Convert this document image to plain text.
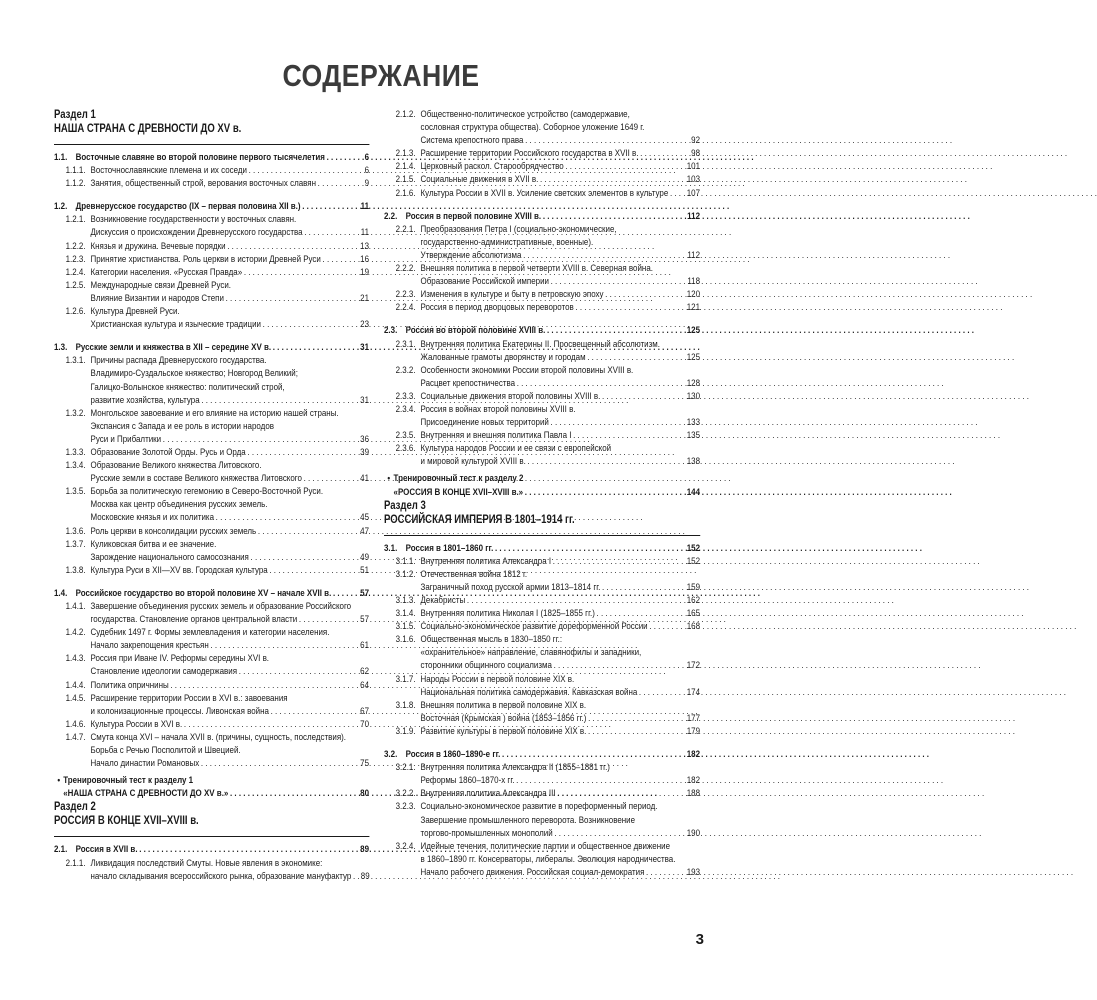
СОДЕРЖАНИЕ
Раздел 1
НАША СТРАНА С ДРЕВНОСТИ ДО XV в.
1.1. Восточные славяне во второй половине первого тысячелетия . . .	6
1.1.1. Восточнославянские племена и их соседи . . .	6
1.1.2. Занятия, общественный строй, верования восточных славян . . .	9
1.2. Древнерусское государство (IX – первая половина XII в.) . . .	11
1.2.1. Возникновение государственности у восточных славян.
Дискуссия о происхождении Древнерусского государства . . .	11
1.2.2. Князья и дружина. Вечевые порядки . . .	13
1.2.3. Принятие христианства. Роль церкви в истории Древней Руси . . .	16
1.2.4. Категории населения. «Русская Правда» . . .	19
1.2.5. Международные связи Древней Руси.
Влияние Византии и народов Степи . . .	21
1.2.6. Культура Древней Руси.
Христианская культура и языческие традиции . . .	23
1.3. Русские земли и княжества в XII – середине XV в. . . .	31
1.3.1. Причины распада Древнерусского государства.
Владимиро-Суздальское княжество; Новгород Великий;
Галицко-Волынское княжество: политический строй,
развитие хозяйства, культура . . .	31
1.3.2. Монгольское завоевание и его влияние на историю нашей страны.
Экспансия с Запада и ее роль в истории народов
Руси и Прибалтики . . .	36
1.3.3. Образование Золотой Орды. Русь и Орда . . .	39
1.3.4. Образование Великого княжества Литовского.
Русские земли в составе Великого княжества Литовского . . .	41
1.3.5. Борьба за политическую гегемонию в Северо-Восточной Руси.
Москва как центр объединения русских земель.
Московские князья и их политика . . .	45
1.3.6. Роль церкви в консолидации русских земель . . .	47
1.3.7. Куликовская битва и ее значение.
Зарождение национального самосознания . . .	49
1.3.8. Культура Руси в XII—XV вв. Городская культура . . .	51
1.4. Российское государство во второй половине XV – начале XVII в. . . .	57
1.4.1. Завершение объединения русских земель и образование Российского
государства. Становление органов центральной власти . . .	57
1.4.2. Судебник 1497 г. Формы землевладения и категории населения.
Начало закрепощения крестьян . . .	61
1.4.3. Россия при Иване IV. Реформы середины XVI в.
Становление идеологии самодержавия . . .	62
1.4.4. Политика опричнины . . .	64
1.4.5. Расширение территории России в XVI в.: завоевания
и колонизационные процессы. Ливонская война . . .	67
1.4.6. Культура России в XVI в. . . .	70
1.4.7. Смута конца XVI – начала XVII в. (причины, сущность, последствия).
Борьба с Речью Посполитой и Швецией.
Начало династии Романовых . . .	75
• Тренировочный тест к разделу 1
«НАША СТРАНА С ДРЕВНОСТИ ДО XV в.» . . .	80
Раздел 2
РОССИЯ В КОНЦЕ XVII–XVIII в.
2.1. Россия в XVII в. . . .	89
2.1.1. Ликвидация последствий Смуты. Новые явления в экономике:
начало складывания всероссийского рынка, образование мануфактур . . . 89
2.1.2. Общественно-политическое устройство (самодержавие,
сословная структура общества). Соборное уложение 1649 г.
Система крепостного права . . .	92
2.1.3. Расширение территории Российского государства в XVII в. . . .	98
2.1.4. Церковный раскол. Старообрядчество . . .	101
2.1.5. Социальные движения в XVII в. . . .	103
2.1.6. Культура России в XVII в. Усиление светских элементов в культуре . . . 107
2.2. Россия в первой половине XVIII в. . . .	112
2.2.1. Преобразования Петра I (социально-экономические,
государственно-административные, военные).
Утверждение абсолютизма . . .	112
2.2.2. Внешняя политика в первой четверти XVIII в. Северная война.
Образование Российской империи . . .	118
2.2.3. Изменения в культуре и быту в петровскую эпоху . . .	120
2.2.4. Россия в период дворцовых переворотов . . .	121
2.3. Россия во второй половине XVIII в. . . .	125
2.3.1. Внутренняя политика Екатерины II. Просвещенный абсолютизм.
Жалованные грамоты дворянству и городам . . .	125
2.3.2. Особенности экономики России второй половины XVIII в.
Расцвет крепостничества . . .	128
2.3.3. Социальные движения второй половины XVIII в. . . .	130
2.3.4. Россия в войнах второй половины XVIII в.
Присоединение новых территорий . . .	133
2.3.5. Внутренняя и внешняя политика Павла I . . .	135
2.3.6. Культура народов России и ее связи с европейской
и мировой культурой XVIII в. . . .	138
• Тренировочный тест к разделу 2
«РОССИЯ В КОНЦЕ XVII–XVIII в.» . . .	144
Раздел 3
РОССИЙСКАЯ ИМПЕРИЯ В 1801–1914 гг.
3.1. Россия в 1801–1860 гг. . . .	152
3.1.1. Внутренняя политика Александра I . . .	152
3.1.2. Отечественная война 1812 г.
Заграничный поход русской армии 1813–1814 гг. . . .	159
3.1.3. Декабристы . . .	162
3.1.4. Внутренняя политика Николая I (1825–1855 гг.) . . .	165
3.1.5. Социально-экономическое развитие дореформенной России . . .	168
3.1.6. Общественная мысль в 1830–1850 гг.:
«охранительное» направление, славянофилы и западники,
сторонники общинного социализма . . .	172
3.1.7. Народы России в первой половине XIX в.
Национальная политика самодержавия. Кавказская война . . .	174
3.1.8. Внешняя политика в первой половине XIX в.
Восточная (Крымская ) война (1853–1856 гг.) . . .	177
3.1.9. Развитие культуры в первой половине XIX в. . . .	179
3.2. Россия в 1860–1890-е гг. . . .	182
3.2.1. Внутренняя политика Александра II (1855–1881 гг.)
Реформы 1860–1870-х гг. . . .	182
3.2.2. Внутренняя политика Александра III . . .	188
3.2.3. Социально-экономическое развитие в пореформенный период.
Завершение промышленного переворота. Возникновение
торгово-промышленных монополий . . .	190
3.2.4. Идейные течения, политические партии и общественное движение
в 1860–1890 гг. Консерваторы, либералы. Эволюция народничества.
Начало рабочего движения. Российская социал-демократия . . .	193
3
